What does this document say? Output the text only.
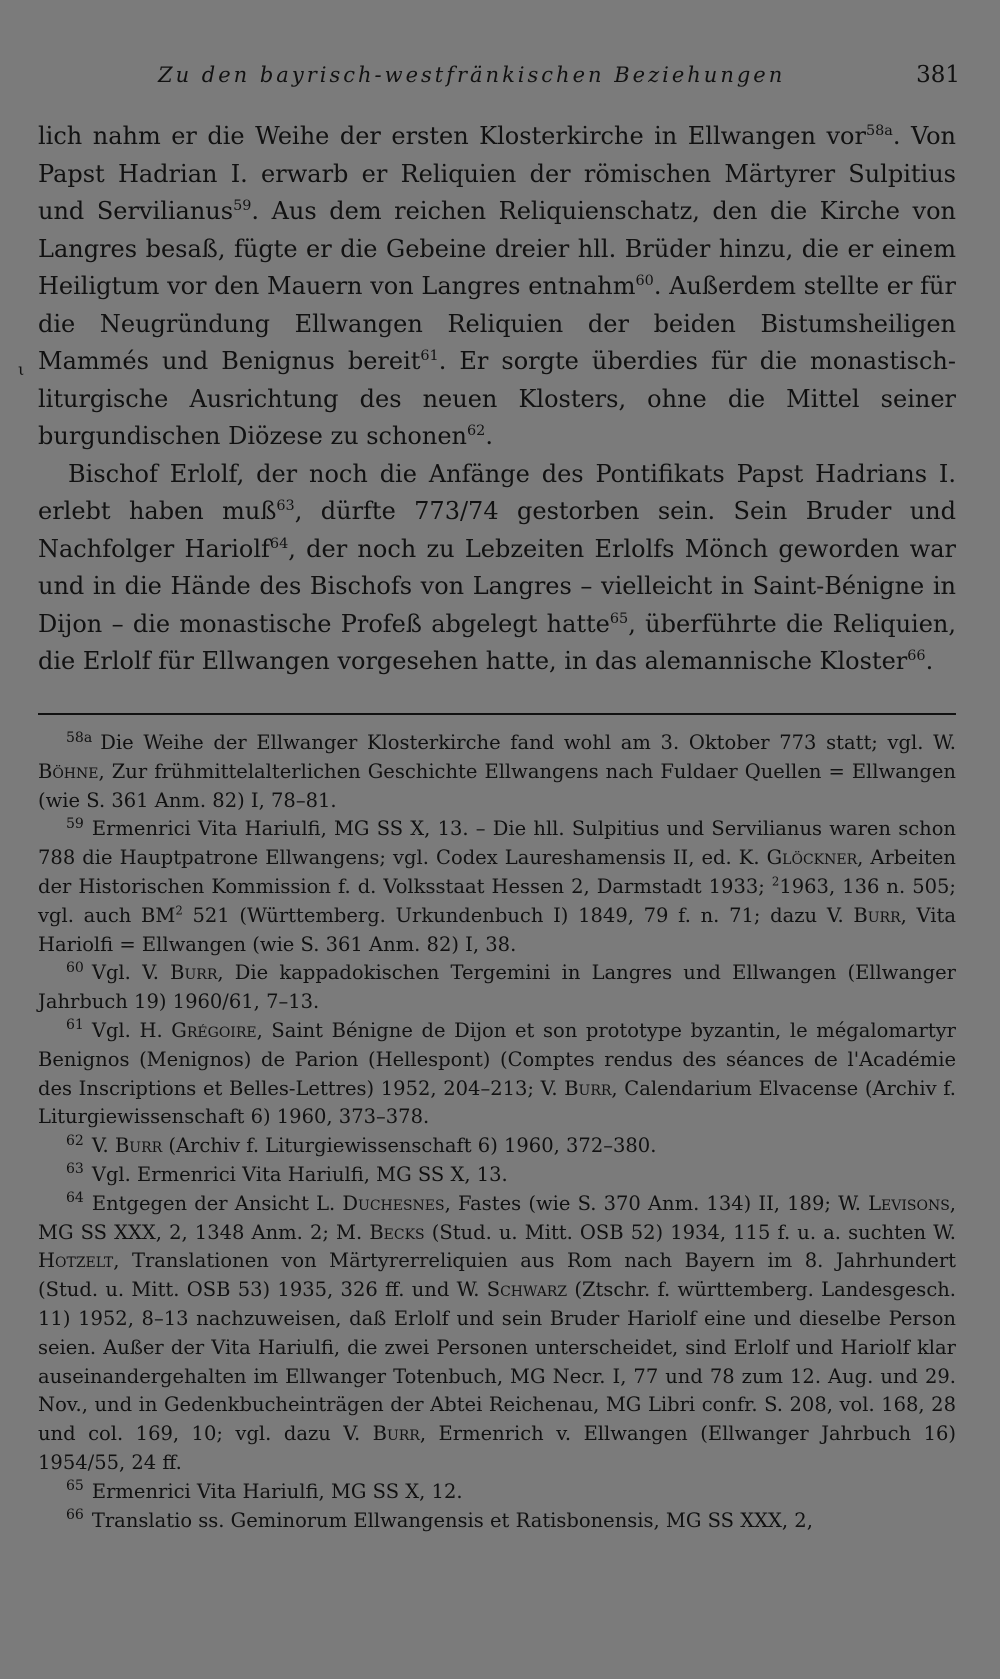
Zu den bayrisch-westfränkischen Beziehungen	381
ι

lich nahm er die Weihe der ersten Klosterkirche in Ellwangen vor$^{58a}$. Von Papst Hadrian I. erwarb er Reliquien der römischen Märtyrer Sulpitius und Servilianus$^{59}$. Aus dem reichen Reliquienschatz, den die Kirche von Langres besaß, fügte er die Gebeine dreier hll. Brüder hinzu, die er einem Heiligtum vor den Mauern von Langres entnahm$^{60}$. Außerdem stellte er für die Neugründung Ellwangen Reliquien der beiden Bistumsheiligen Mammés und Benignus bereit$^{61}$. Er sorgte überdies für die monastisch-liturgische Ausrichtung des neuen Klosters, ohne die Mittel seiner burgundischen Diözese zu schonen$^{62}$.

Bischof Erlolf, der noch die Anfänge des Pontifikats Papst Hadrians I. erlebt haben muß$^{63}$, dürfte 773/74 gestorben sein. Sein Bruder und Nachfolger Hariolf$^{64}$, der noch zu Lebzeiten Erlolfs Mönch geworden war und in die Hände des Bischofs von Langres – vielleicht in Saint-Bénigne in Dijon – die monastische Profeß abgelegt hatte$^{65}$, überführte die Reliquien, die Erlolf für Ellwangen vorgesehen hatte, in das alemannische Kloster$^{66}$.

$^{58a}$ Die Weihe der Ellwanger Klosterkirche fand wohl am 3. Oktober 773 statt; vgl. W. Böhne, Zur frühmittelalterlichen Geschichte Ellwangens nach Fuldaer Quellen = Ellwangen (wie S. 361 Anm. 82) I, 78–81.

$^{59}$ Ermenrici Vita Hariulfi, MG SS X, 13. – Die hll. Sulpitius und Servilianus waren schon 788 die Hauptpatrone Ellwangens; vgl. Codex Laureshamensis II, ed. K. Glöckner, Arbeiten der Historischen Kommission f. d. Volksstaat Hessen 2, Darmstadt 1933; $^2$1963, 136 n. 505; vgl. auch $BM^2$ 521 (Württemberg. Urkundenbuch I) 1849, 79 f. n. 71; dazu V. Burr, Vita Hariolfi = Ellwangen (wie S. 361 Anm. 82) I, 38.

$^{60}$ Vgl. V. Burr, Die kappadokischen Tergemini in Langres und Ellwangen (Ellwanger Jahrbuch 19) 1960/61, 7–13.

$^{61}$ Vgl. H. Grégoire, Saint Bénigne de Dijon et son prototype byzantin, le mégalomartyr Benignos (Menignos) de Parion (Hellespont) (Comptes rendus des séances de l'Académie des Inscriptions et Belles-Lettres) 1952, 204–213; V. Burr, Calendarium Elvacense (Archiv f. Liturgiewissenschaft 6) 1960, 373–378.

$^{62}$ V. Burr (Archiv f. Liturgiewissenschaft 6) 1960, 372–380.

$^{63}$ Vgl. Ermenrici Vita Hariulfi, MG SS X, 13.

$^{64}$ Entgegen der Ansicht L. Duchesnes, Fastes (wie S. 370 Anm. 134) II, 189; W. Levisons, MG SS XXX, 2, 1348 Anm. 2; M. Becks (Stud. u. Mitt. OSB 52) 1934, 115 f. u. a. suchten W. Hotzelt, Translationen von Märtyrerreliquien aus Rom nach Bayern im 8. Jahrhundert (Stud. u. Mitt. OSB 53) 1935, 326 ff. und W. Schwarz (Ztschr. f. württemberg. Landesgesch. 11) 1952, 8–13 nachzuweisen, daß Erlolf und sein Bruder Hariolf eine und dieselbe Person seien. Außer der Vita Hariulfi, die zwei Personen unterscheidet, sind Erlolf und Hariolf klar auseinandergehalten im Ellwanger Totenbuch, MG Necr. I, 77 und 78 zum 12. Aug. und 29. Nov., und in Gedenkbucheinträgen der Abtei Reichenau, MG Libri confr. S. 208, vol. 168, 28 und col. 169, 10; vgl. dazu V. Burr, Ermenrich v. Ellwangen (Ellwanger Jahrbuch 16) 1954/55, 24 ff.

$^{65}$ Ermenrici Vita Hariulfi, MG SS X, 12.

$^{66}$ Translatio ss. Geminorum Ellwangensis et Ratisbonensis, MG SS XXX, 2,
